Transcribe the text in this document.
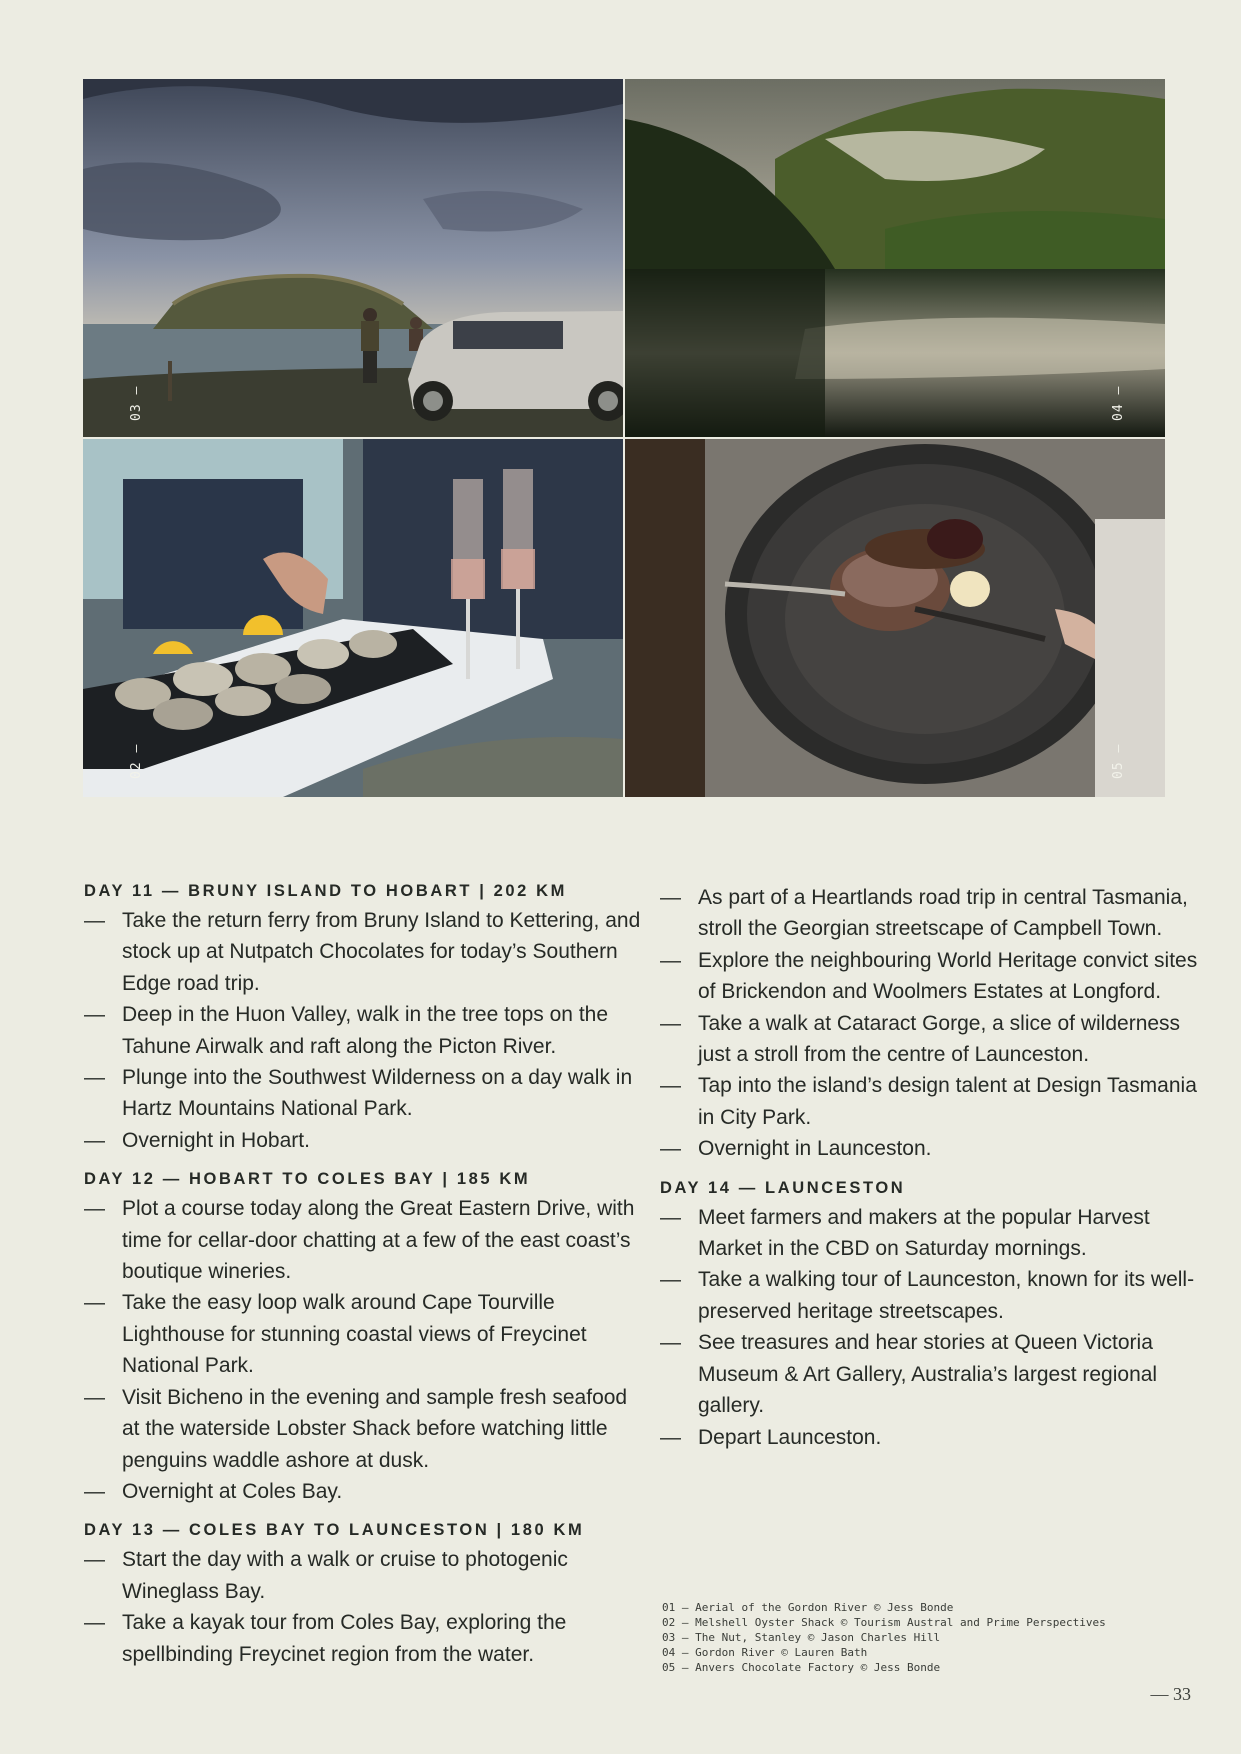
03 —
04 —
02 —
05 —
DAY 11 — BRUNY ISLAND TO HOBART | 202 KM
— Take the return ferry from Bruny Island to Kettering, and stock up at Nutpatch Chocolates for today’s Southern Edge road trip.
— Deep in the Huon Valley, walk in the tree tops on the Tahune Airwalk and raft along the Picton River.
— Plunge into the Southwest Wilderness on a day walk in Hartz Mountains National Park.
— Overnight in Hobart.
DAY 12 — HOBART TO COLES BAY | 185 KM
— Plot a course today along the Great Eastern Drive, with time for cellar-door chatting at a few of the east coast’s boutique wineries.
— Take the easy loop walk around Cape Tourville Lighthouse for stunning coastal views of Freycinet National Park.
— Visit Bicheno in the evening and sample fresh seafood at the waterside Lobster Shack before watching little penguins waddle ashore at dusk.
— Overnight at Coles Bay.
DAY 13 — COLES BAY TO LAUNCESTON | 180 KM
— Start the day with a walk or cruise to photogenic Wineglass Bay.
— Take a kayak tour from Coles Bay, exploring the spellbinding Freycinet region from the water.
— As part of a Heartlands road trip in central Tasmania, stroll the Georgian streetscape of Campbell Town.
— Explore the neighbouring World Heritage convict sites of Brickendon and Woolmers Estates at Longford.
— Take a walk at Cataract Gorge, a slice of wilderness just a stroll from the centre of Launceston.
— Tap into the island’s design talent at Design Tasmania in City Park.
— Overnight in Launceston.
DAY 14 — LAUNCESTON
— Meet farmers and makers at the popular Harvest Market in the CBD on Saturday mornings.
— Take a walking tour of Launceston, known for its well-preserved heritage streetscapes.
— See treasures and hear stories at Queen Victoria Museum & Art Gallery, Australia’s largest regional gallery.
— Depart Launceston.
01 — Aerial of the Gordon River © Jess Bonde
02 — Melshell Oyster Shack © Tourism Austral and Prime Perspectives
03 — The Nut, Stanley © Jason Charles Hill
04 — Gordon River © Lauren Bath
05 — Anvers Chocolate Factory © Jess Bonde
— 33
